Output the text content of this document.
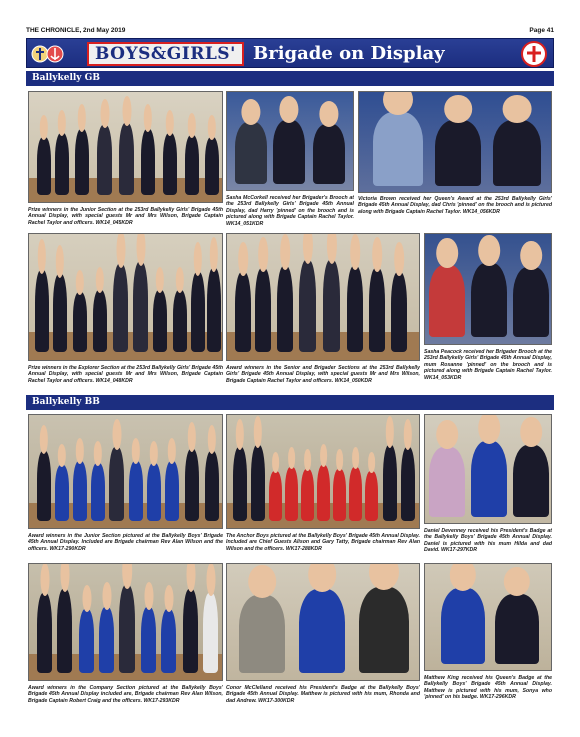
THE CHRONICLE, 2nd May 2019	Page 41
BOYS&GIRLS' Brigade on Display
Ballykelly GB
Prize winners in the Junior Section at the 253rd Ballykelly Girls' Brigade 45th Annual Display, with special guests Mr and Mrs Wilson, Brigade Captain Rachel Taylor and officers. WK14_045KDR
Sasha McCorkell received her Brigader's Brooch at the 253rd Ballykelly Girls' Brigade 45th Annual Display, dad Harry 'pinned' on the brooch and is pictured along with Brigade Captain Rachel Taylor. WK14_051KDR
Victoria Brown received her Queen's Award at the 253rd Ballykelly Girls' Brigade 45th Annual Display, dad Chris 'pinned' on the brooch and is pictured along with Brigade Captain Rachel Taylor. WK14_056KDR
Prize winners in the Explorer Section at the 253rd Ballykelly Girls' Brigade 45th Annual Display, with special guests Mr and Mrs Wilson, Brigade Captain Rachel Taylor and officers. WK14_048KDR
Award winners in the Senior and Brigader Sections at the 253rd Ballykelly Girls' Brigade 45th Annual Display, with special guests Mr and Mrs Wilson, Brigade Captain Rachel Taylor and officers. WK14_050KDR
Sasha Peacock received her Brigader Brooch at the 253rd Ballykelly Girls' Brigade 45th Annual Display, mum Roxanne 'pinned' on the brooch and is pictured along with Brigade Captain Rachel Taylor. WK14_053KDR
Ballykelly BB
Award winners in the Junior Section pictured at the Ballykelly Boys' Brigade 45th Annual Display. Included are Brigade chairman Rev Alan Wilson and the officers. WK17-290KDR
The Anchor Boys pictured at the Ballykelly Boys' Brigade 45th Annual Display. Included are Chief Guests Alison and Gary Tatty, Brigade chairman Rev Alan Wilson and the officers. WK17-288KDR
Daniel Devenney received his President's Badge at the Ballykelly Boys' Brigade 45th Annual Display. Daniel is pictured with his mum Hilda and dad David. WK17-297KDR
Award winners in the Company Section pictured at the Ballykelly Boys' Brigade 45th Annual Display included are, Brigade chairman Rev Alan Wilson, Brigade Captain Robert Craig and the officers. WK17-293KDR
Conor McClelland received his President's Badge at the Ballykelly Boys' Brigade 45th Annual Display. Matthew is pictured with his mum, Rhonda and dad Andrew. WK17-300KDR
Matthew King received his Queen's Badge at the Ballykelly Boys' Brigade 45th Annual Display. Matthew is pictured with his mum, Sonya who 'pinned' on his badge. WK17-296KDR
